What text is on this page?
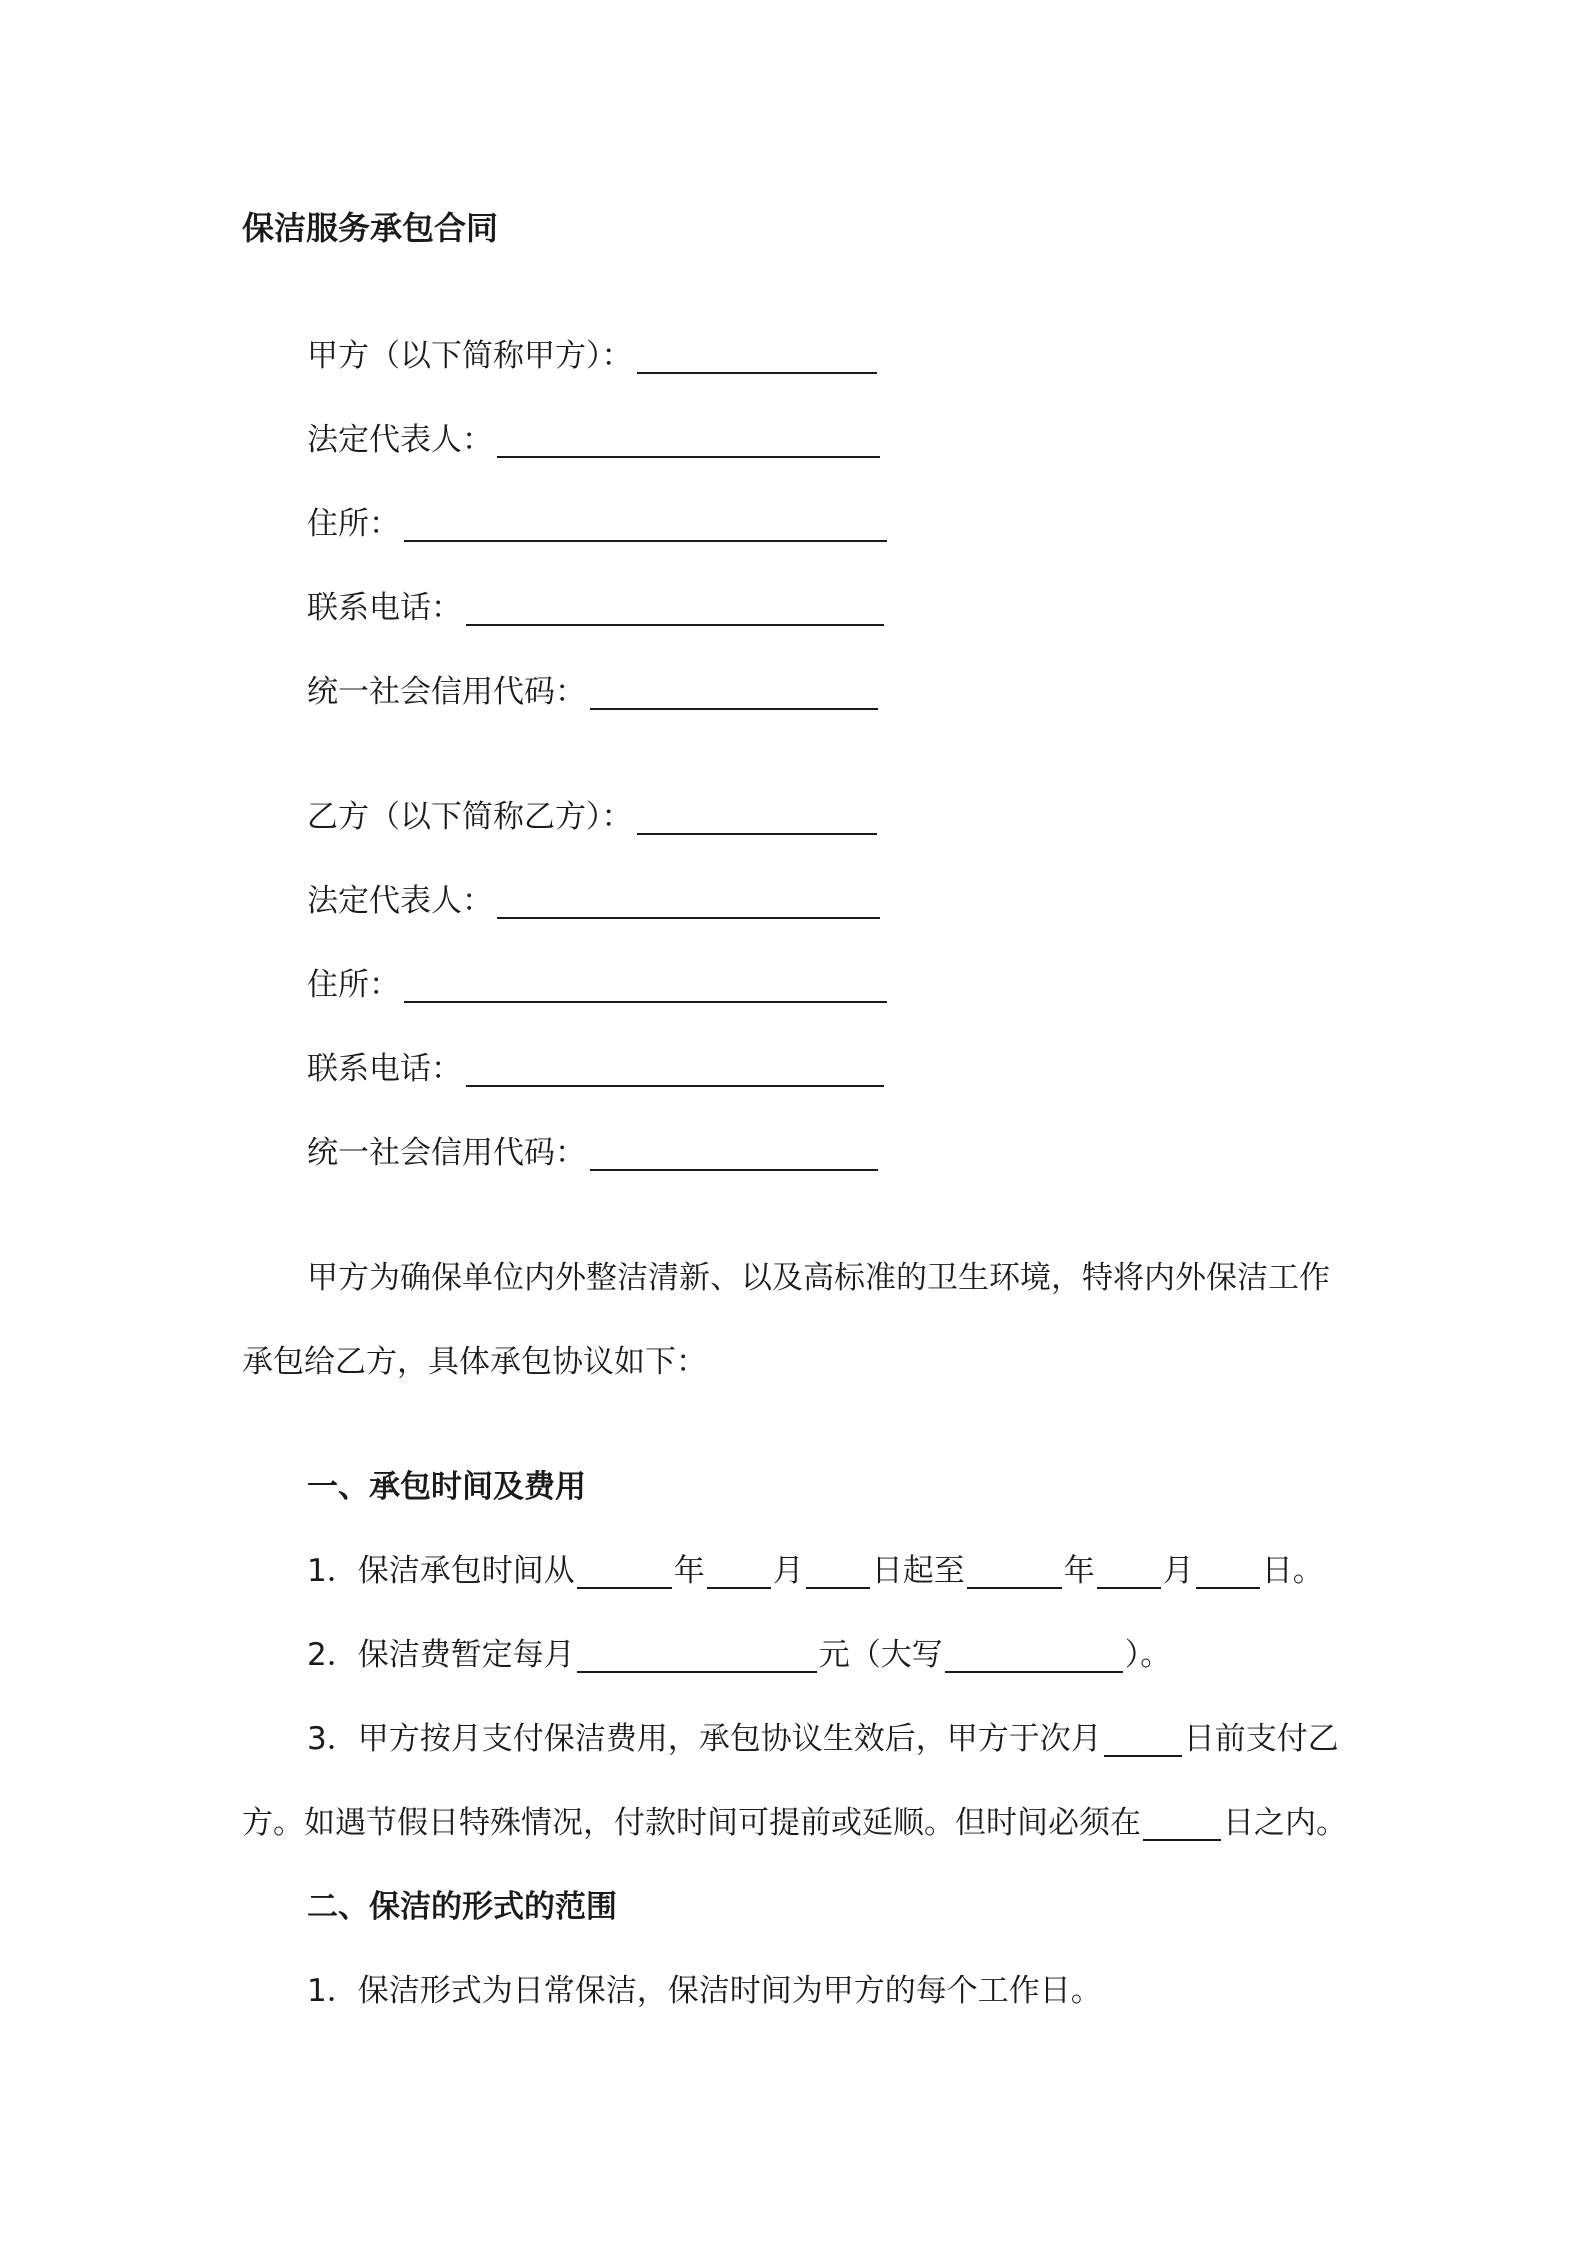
保洁服务承包合同
甲方（以下简称甲方）：
法定代表人：
住所：
联系电话：
统一社会信用代码：
乙方（以下简称乙方）：
法定代表人：
住所：
联系电话：
统一社会信用代码：
甲方为确保单位内外整洁清新、以及高标准的卫生环境，特将内外保洁工作
承包给乙方，具体承包协议如下：
一、承包时间及费用
1．保洁承包时间从	年 月 日起至	年 月 日。
2．保洁费暂定每月	元（大写	）。
3．甲方按月支付保洁费用，承包协议生效后，甲方于次月	日前支付乙
方。如遇节假日特殊情况，付款时间可提前或延顺。但时间必须在	日之内。
二、保洁的形式的范围
1．保洁形式为日常保洁，保洁时间为甲方的每个工作日。
